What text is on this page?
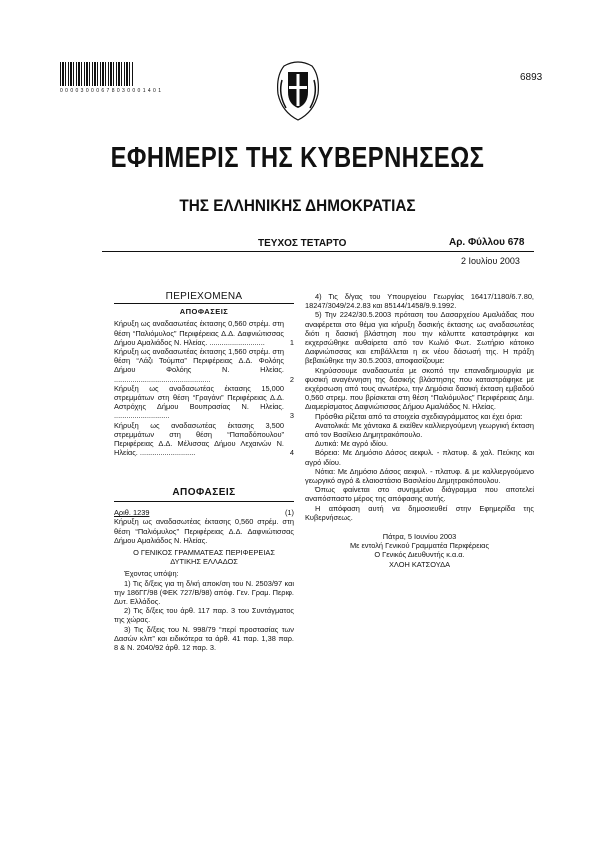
0 0 0 0 3 0 0 0 6 7 8 0 3 0 0 0 1 4 0 1
6893
ΕΦΗΜΕΡΙΣ ΤΗΣ ΚΥΒΕΡΝΗΣΕΩΣ
ΤΗΣ ΕΛΛΗΝΙΚΗΣ ΔΗΜΟΚΡΑΤΙΑΣ
ΤΕΥΧΟΣ ΤΕΤΑΡΤΟ	Αρ. Φύλλου 678
2 Ιουλίου 2003
ΠΕΡΙΕΧΟΜΕΝΑ
ΑΠΟΦΑΣΕΙΣ
Κήρυξη ως αναδασωτέας έκτασης 0,560 στρέμ. στη θέση “Παλιόμυλος” Περιφέρειας Δ.Δ. Δαφνιώτισσας Δήμου Αμαλιάδος Ν. Ηλείας. ...........................	1
Κήρυξη ως αναδασωτέας έκτασης 1,560 στρέμ. στη θέση “Λάζι Τούμπα” Περιφέρειας Δ.Δ. Φολόης Δήμου Φολόης Ν. Ηλείας. ...............................................	2
Κήρυξη ως αναδασωτέας έκτασης 15,000 στρεμμάτων στη θέση “Γραγάνι” Περιφέρειας Δ.Δ. Αστρόχης Δήμου Βουπρασίας Ν. Ηλείας. ...........................	3
Κήρυξη ως αναδασωτέας έκτασης 3,500 στρεμμάτων στη θέση “Παπαδόπουλου” Περιφέρειας Δ.Δ. Μέλισσας Δήμου Λεχαινών Ν. Ηλείας. ...........................	4
ΑΠΟΦΑΣΕΙΣ
Αριθ. 1239	(1)

Κήρυξη ως αναδασωτέας έκτασης 0,560 στρέμ. στη θέση “Παλιόμυλος” Περιφέρειας Δ.Δ. Δαφνιώτισσας Δήμου Αμαλιάδος Ν. Ηλείας.

Ο ΓΕΝΙΚΟΣ ΓΡΑΜΜΑΤΕΑΣ ΠΕΡΙΦΕΡΕΙΑΣ

ΔΥΤΙΚΗΣ ΕΛΛΑΔΟΣ

Έχοντας υπόψη:

1) Τις δ/ξεις για τη δ/κή αποκ/ση του Ν. 2503/97 και την 186ΓΓ/98 (ΦΕΚ 727/Β/98) απόφ. Γεν. Γραμ. Περιφ. Δυτ. Ελλάδος.

2) Τις δ/ξεις του άρθ. 117 παρ. 3 του Συντάγματος της χώρας.

3) Τις δ/ξεις του Ν. 998/79 “περί προστασίας των Δασών κλπ” και ειδικότερα τα άρθ. 41 παρ. 1,38 παρ. 8 & Ν. 2040/92 άρθ. 12 παρ. 3.

4) Τις δ/γας του Υπουργείου Γεωργίας 16417/1180/6.7.80, 18247/3049/24.2.83 και 85144/1458/9.9.1992.

5) Την 2242/30.5.2003 πρόταση του Δασαρχείου Αμαλιάδας που αναφέρεται στο θέμα για κήρυξη δασικής έκτασης ως αναδασωτέας διότι η δασική βλάστηση που την κάλυπτε καταστράφηκε και εκχερσώθηκε αυθαίρετα από τον Κωλιό Φωτ. Σωτήριο κάτοικο Δαφνιώτισσας και επιβάλλεται η εκ νέου δάσωσή της. Η πράξη βεβαιώθηκε την 30.5.2003, αποφασίζουμε:

Κηρύσσουμε αναδασωτέα με σκοπό την επαναδημιουργία με φυσική αναγέννηση της δασικής βλάστησης που καταστράφηκε με εκχέρσωση από τους ανωτέρω, την Δημόσια δασική έκταση εμβαδού 0,560 στρεμ. που βρίσκεται στη θέση “Παλιόμυλος” Περιφέρειας Δημ. Διαμερίσματος Δαφνιώτισσας Δήμου Αμαλιάδος Ν. Ηλείας.

Πρόσθια ρίζεται από τα στοιχεία σχεδιαγράμματος και έχει όρια:

Ανατολικά: Με χάντακα & εκείθεν καλλιεργούμενη γεωργική έκταση από τον Βασίλειο Δημητρακόπουλο.

Δυτικά: Με αγρό ιδίου.

Βόρεια: Με Δημόσιο Δάσος αειφυλ. - πλατυφ. & χαλ. Πεύκης και αγρό ιδίου.

Νότια: Με Δημόσιο Δάσος αειφυλ. - πλατυφ. & με καλλιεργούμενο γεωργικό αγρό & ελαιοστάσιο Βασιλείου Δημητρακόπουλου.

Όπως φαίνεται στο συνημμένο διάγραμμα που αποτελεί αναπόσπαστο μέρος της απόφασης αυτής.

Η απόφαση αυτή να δημοσιευθεί στην Εφημερίδα της Κυβερνήσεως.

Πάτρα, 5 Ιουνίου 2003

Με εντολή Γενικού Γραμματέα Περιφέρειας

Ο Γενικός Διευθυντής κ.α.α.

ΧΛΟΗ ΚΑΤΣΟΥΔΑ
